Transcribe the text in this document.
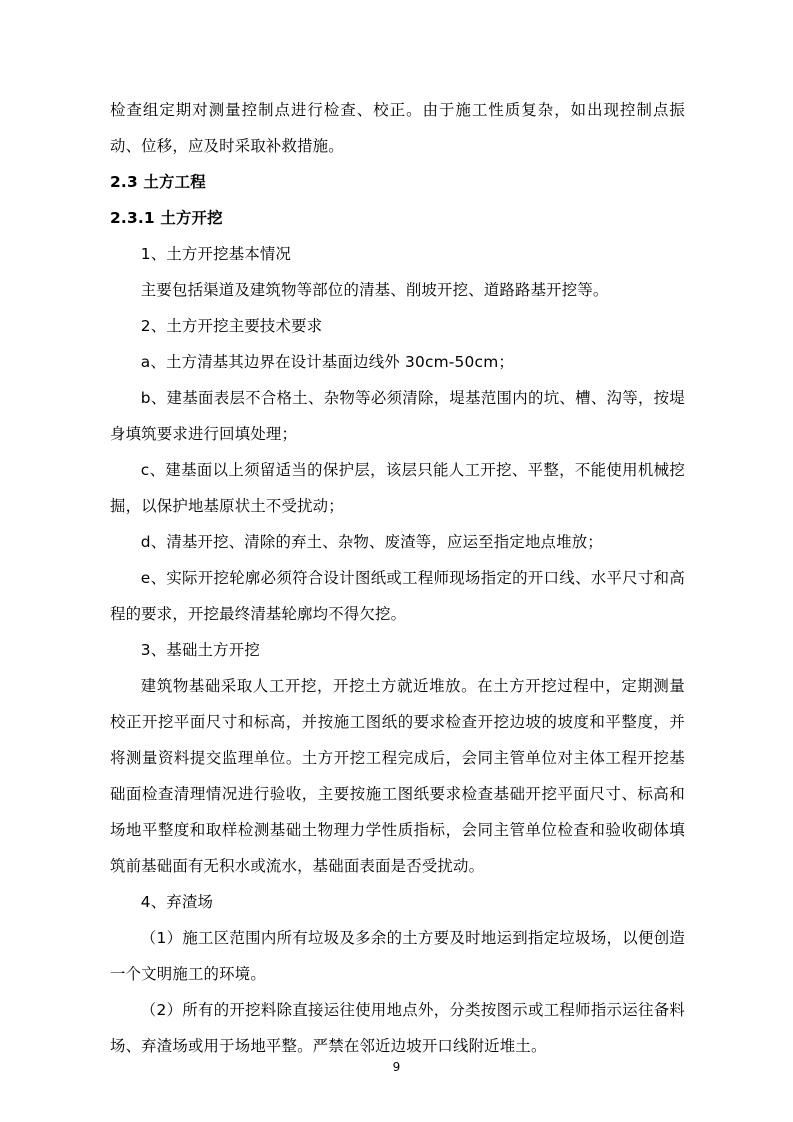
检查组定期对测量控制点进行检查、校正。由于施工性质复杂，如出现控制点振动、位移，应及时采取补救措施。

2.3 土方工程
2.3.1 土方开挖

1、土方开挖基本情况

主要包括渠道及建筑物等部位的清基、削坡开挖、道路路基开挖等。

2、土方开挖主要技术要求

a、土方清基其边界在设计基面边线外 30cm-50cm；

b、建基面表层不合格土、杂物等必须清除，堤基范围内的坑、槽、沟等，按堤身填筑要求进行回填处理；

c、建基面以上须留适当的保护层，该层只能人工开挖、平整，不能使用机械挖掘，以保护地基原状土不受扰动；

d、清基开挖、清除的弃土、杂物、废渣等，应运至指定地点堆放；

e、实际开挖轮廓必须符合设计图纸或工程师现场指定的开口线、水平尺寸和高程的要求，开挖最终清基轮廓均不得欠挖。

3、基础土方开挖

建筑物基础采取人工开挖，开挖土方就近堆放。在土方开挖过程中，定期测量校正开挖平面尺寸和标高，并按施工图纸的要求检查开挖边坡的坡度和平整度，并将测量资料提交监理单位。土方开挖工程完成后，会同主管单位对主体工程开挖基础面检查清理情况进行验收，主要按施工图纸要求检查基础开挖平面尺寸、标高和场地平整度和取样检测基础土物理力学性质指标，会同主管单位检查和验收砌体填筑前基础面有无积水或流水，基础面表面是否受扰动。

4、弃渣场

（1）施工区范围内所有垃圾及多余的土方要及时地运到指定垃圾场，以便创造一个文明施工的环境。

（2）所有的开挖料除直接运往使用地点外，分类按图示或工程师指示运往备料场、弃渣场或用于场地平整。严禁在邻近边坡开口线附近堆土。

9
